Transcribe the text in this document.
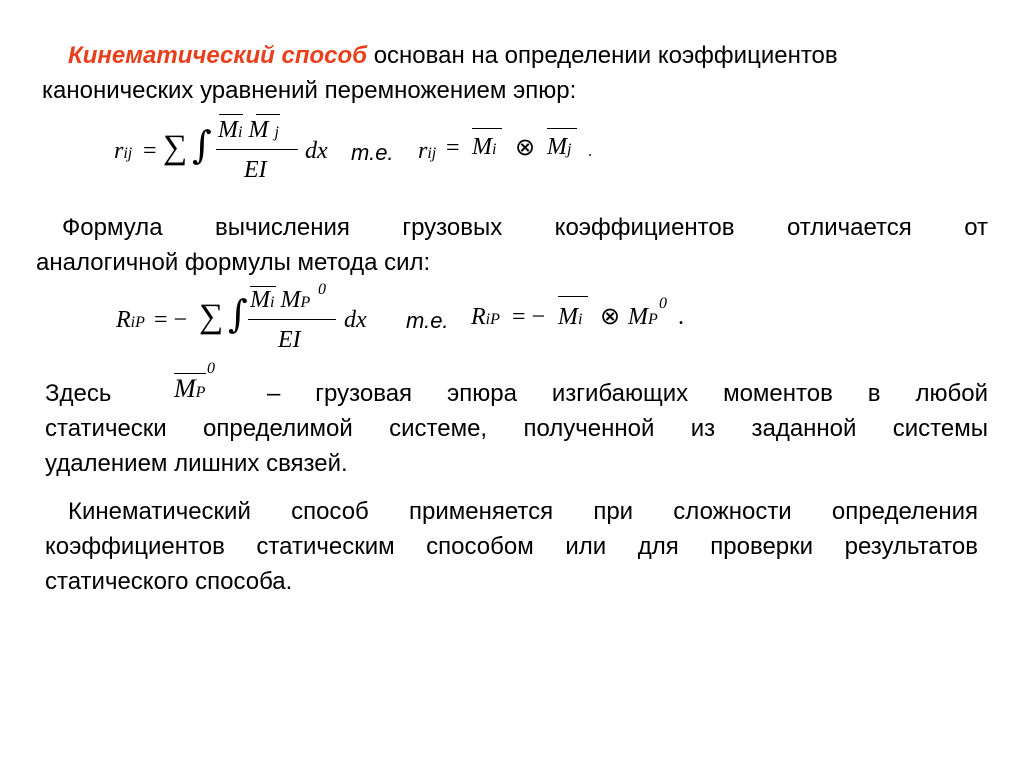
Кинематический способ основан на определении коэффициентов
канонических уравнений перемножением эпюр:
rij = ∑ ∫ Mi M j
EI
dx т.е. rij = Mi ⊗ Mj .
Формула вычисления грузовых коэффициентов отличается от
аналогичной формулы метода сил:
RiP = − ∑ ∫ Mi MP
0
EI
dx т.е. RiP = − Mi ⊗ MP
0
.
Здесь
0
MP	– грузовая эпюра изгибающих моментов в любой
статически определимой системе, полученной из заданной системы
удалением лишних связей.
Кинематический способ применяется при сложности определения
коэффициентов статическим способом или для проверки результатов
статического способа.
